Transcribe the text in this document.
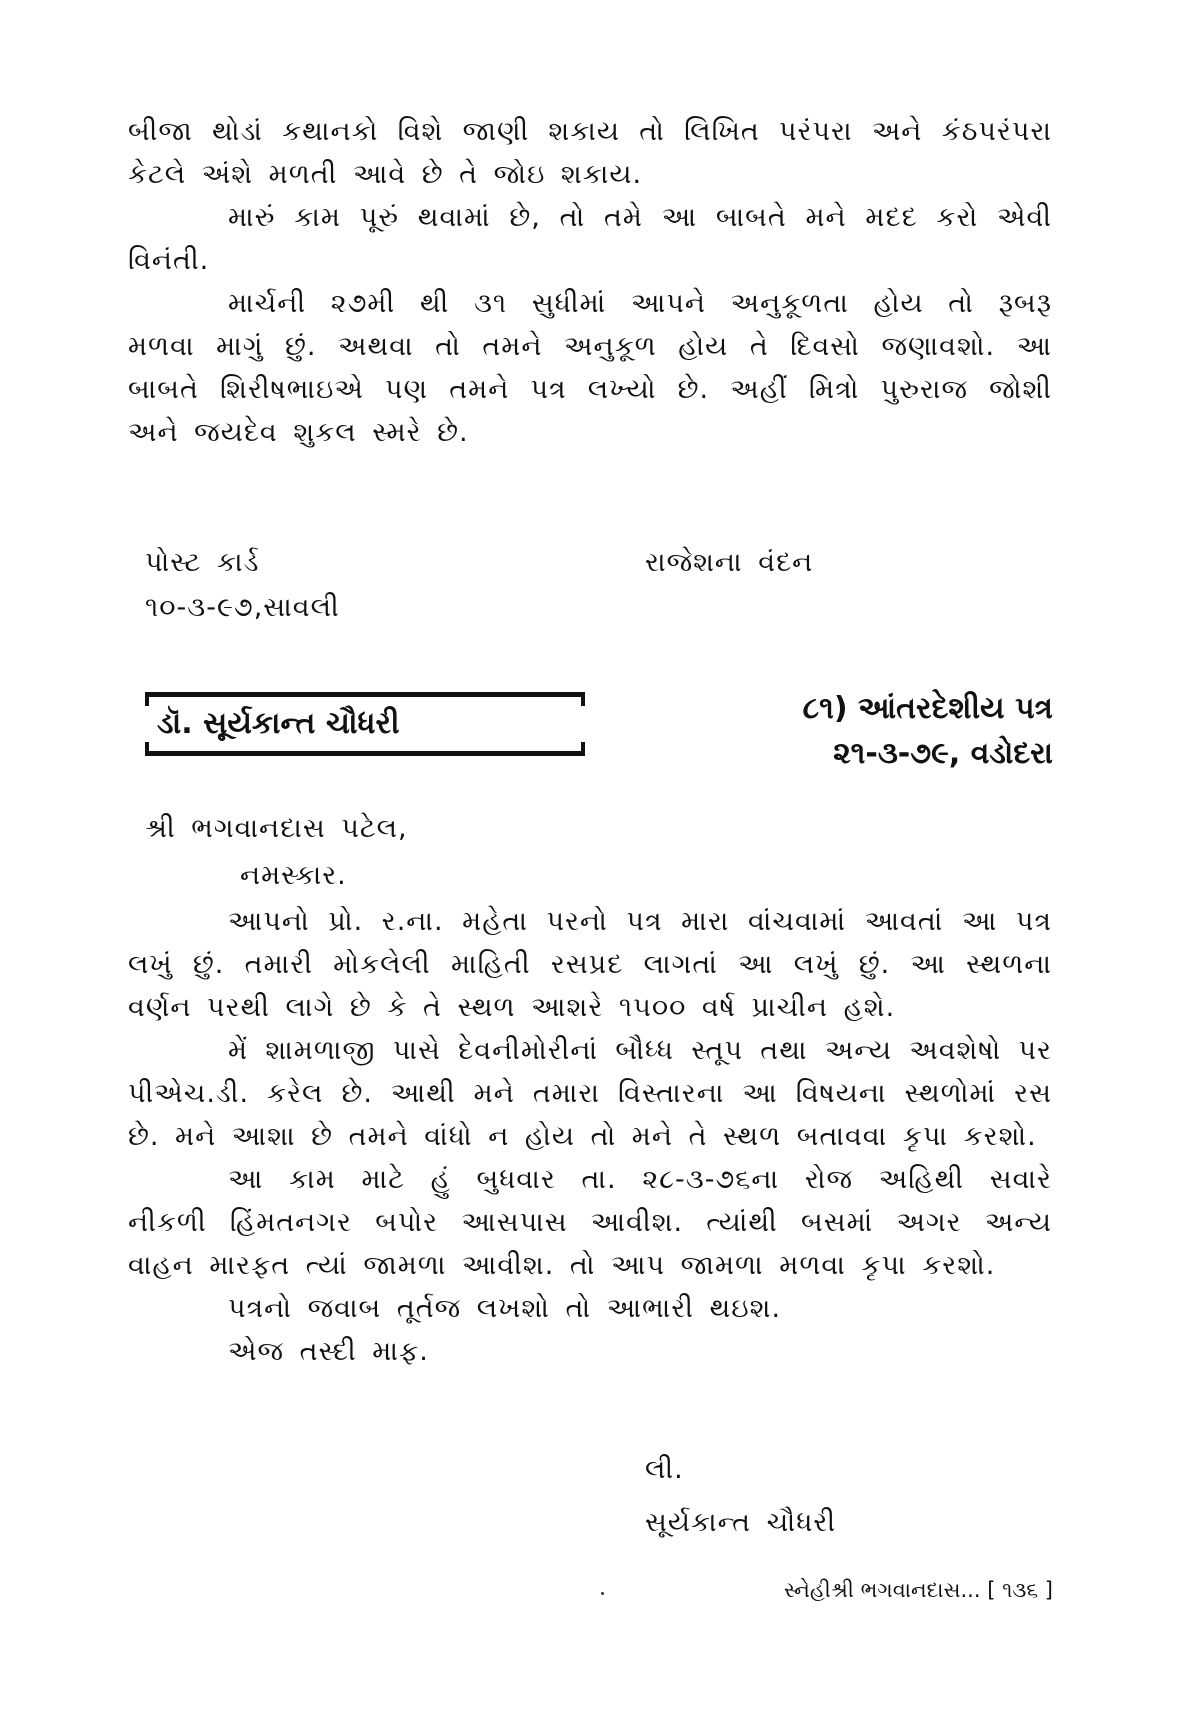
બીજા થોડાં કથાનકો વિશે જાણી શકાય તો લિખિત પરંપરા અને કંઠપરંપરા કેટલે અંશે મળતી આવે છે તે જોઇ શકાય.

મારું કામ પૂરું થવામાં છે, તો તમે આ બાબતે મને મદદ કરો એવી વિનંતી.

માર્ચની ૨૭મી થી ૩૧ સુધીમાં આપને અનુકૂળતા હોય તો રૂબરૂ મળવા માગું છું. અથવા તો તમને અનુકૂળ હોય તે દિવસો જણાવશો. આ બાબતે શિરીષભાઇએ પણ તમને પત્ર લખ્યો છે. અહીં મિત્રો પુરુરાજ જોશી અને જયદેવ શુકલ સ્મરે છે.

પોસ્ટ કાર્ડ	રાજેશના વંદન
૧૦-૩-૯૭,સાવલી
ડૉ. સૂર્યકાન્ત ચૌધરી	૮૧) આંતરદેશીય પત્ર
૨૧-૩-૭૯, વડોદરા
શ્રી ભગવાનદાસ પટેલ,
નમસ્કાર.

આપનો પ્રો. ર.ના. મહેતા પરનો પત્ર મારા વાંચવામાં આવતાં આ પત્ર લખું છું. તમારી મોકલેલી માહિતી રસપ્રદ લાગતાં આ લખું છું. આ સ્થળના વર્ણન પરથી લાગે છે કે તે સ્થળ આશરે ૧૫૦૦ વર્ષ પ્રાચીન હશે.

મેં શામળાજી પાસે દેવનીમોરીનાં બૌધ્ધ સ્તૂપ તથા અન્ય અવશેષો પર પીએચ.ડી. કરેલ છે. આથી મને તમારા વિસ્તારના આ વિષયના સ્થળોમાં રસ છે. મને આશા છે તમને વાંધો ન હોય તો મને તે સ્થળ બતાવવા કૃપા કરશો.

આ કામ માટે હું બુધવાર તા. ૨૮-૩-૭૬ના રોજ અહિથી સવારે નીકળી હિંમતનગર બપોર આસપાસ આવીશ. ત્યાંથી બસમાં અગર અન્ય વાહન મારફત ત્યાં જામળા આવીશ. તો આપ જામળા મળવા કૃપા કરશો.

પત્રનો જવાબ તૂર્તજ લખશો તો આભારી થઇશ.

એજ તસ્દી માફ.

લી.
સૂર્યકાન્ત ચૌધરી
સ્નેહીશ્રી ભગવાનદાસ... [ ૧૩૬ ]
